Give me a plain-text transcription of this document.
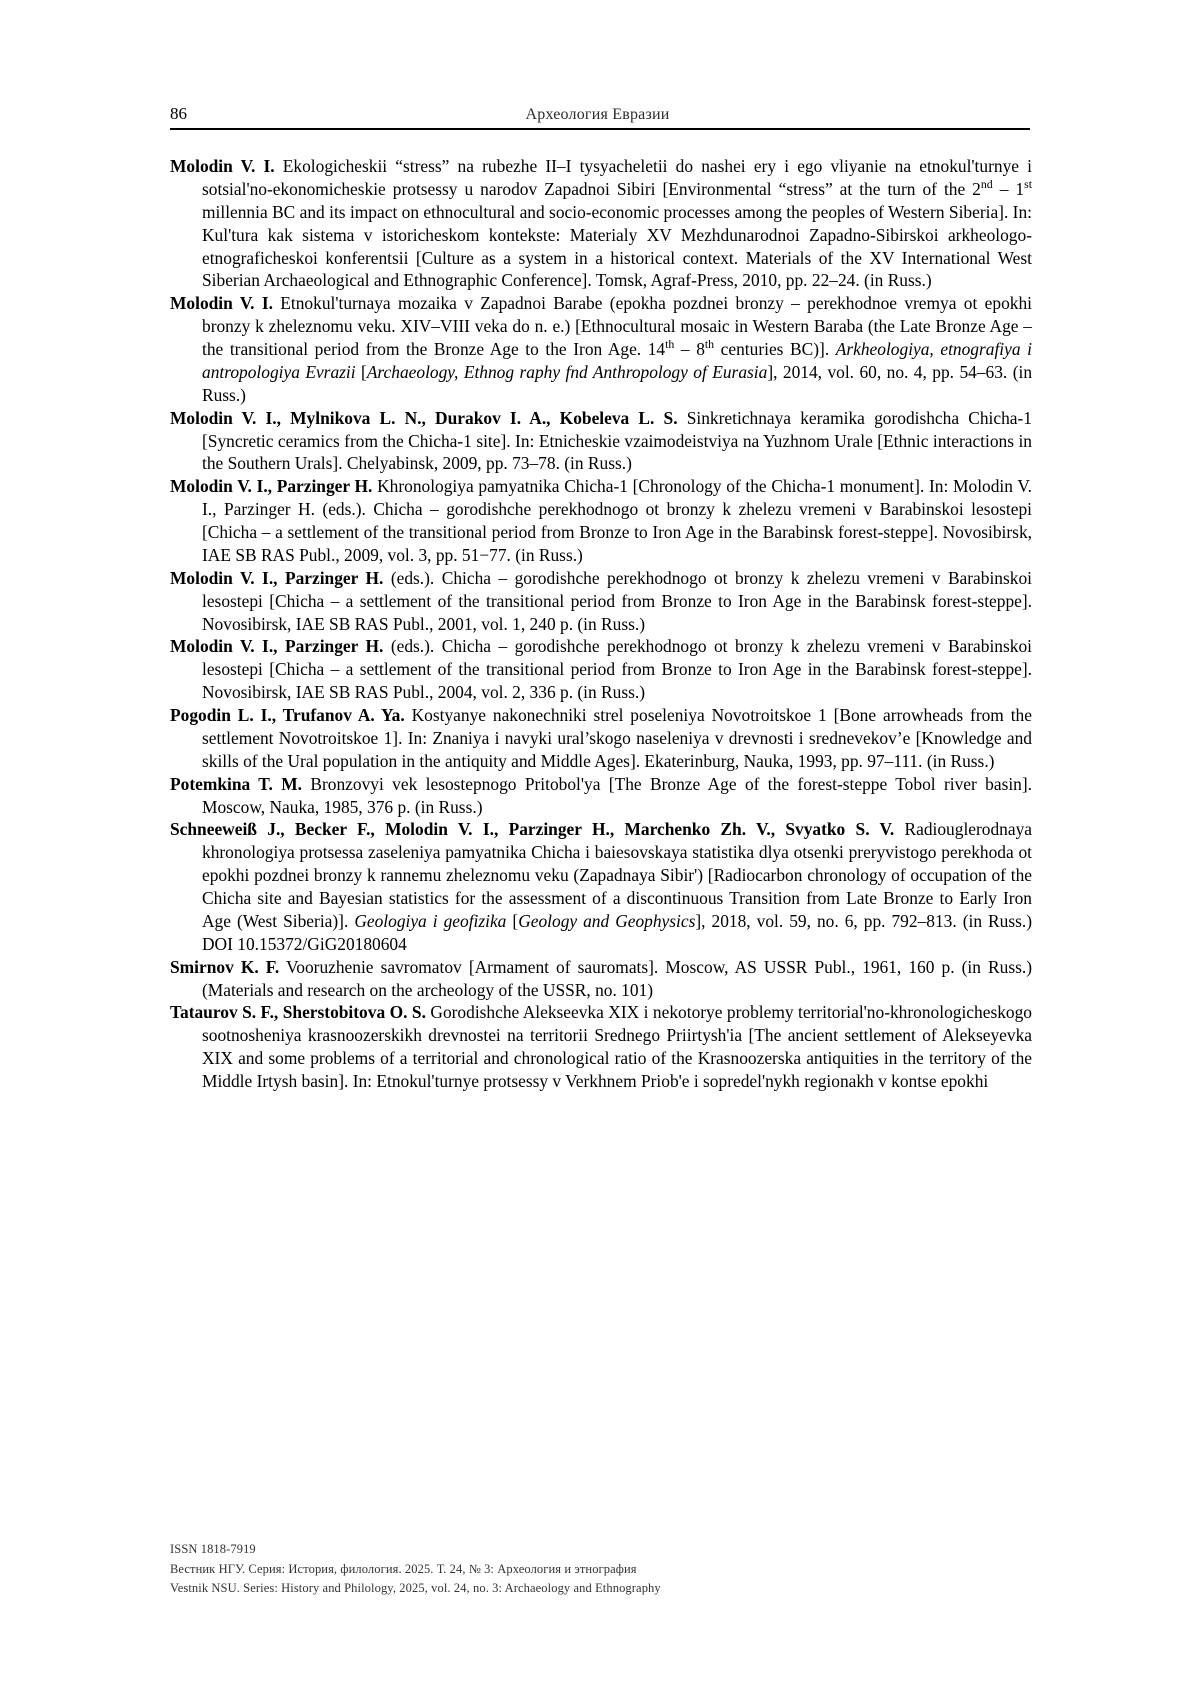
86	Археология Евразии

Molodin V. I. Ekologicheskii “stress” na rubezhe II–I tysyacheletii do nashei ery i ego vliyanie na etnokul'turnye i sotsial'no-ekonomicheskie protsessy u narodov Zapadnoi Sibiri [Environmental “stress” at the turn of the 2nd – 1st millennia BC and its impact on ethnocultural and socio-economic processes among the peoples of Western Siberia]. In: Kul'tura kak sistema v istoricheskom kontekste: Materialy XV Mezhdunarodnoi Zapadno-Sibirskoi arkheologo-etnograficheskoi konferentsii [Culture as a system in a historical context. Materials of the XV International West Siberian Archaeological and Ethnographic Conference]. Tomsk, Agraf-Press, 2010, pp. 22–24. (in Russ.)

Molodin V. I. Etnokul'turnaya mozaika v Zapadnoi Barabe (epokha pozdnei bronzy – perekhodnoe vremya ot epokhi bronzy k zheleznomu veku. XIV–VIII veka do n. e.) [Ethnocultural mosaic in Western Baraba (the Late Bronze Age – the transitional period from the Bronze Age to the Iron Age. 14th – 8th centuries BC)]. Arkheologiya, etnografiya i antropologiya Evrazii [Archaeology, Ethnog raphy fnd Anthropology of Eurasia], 2014, vol. 60, no. 4, pp. 54–63. (in Russ.)

Molodin V. I., Mylnikova L. N., Durakov I. A., Kobeleva L. S. Sinkretichnaya keramika gorodishcha Chicha-1 [Syncretic ceramics from the Chicha-1 site]. In: Etnicheskie vzaimodeistviya na Yuzhnom Urale [Ethnic interactions in the Southern Urals]. Chelyabinsk, 2009, pp. 73–78. (in Russ.)

Molodin V. I., Parzinger H. Khronologiya pamyatnika Chicha-1 [Chronology of the Chicha-1 monument]. In: Molodin V. I., Parzinger H. (eds.). Chicha – gorodishche perekhodnogo ot bronzy k zhelezu vremeni v Barabinskoi lesostepi [Chicha – a settlement of the transitional period from Bronze to Iron Age in the Barabinsk forest-steppe]. Novosibirsk, IAE SB RAS Publ., 2009, vol. 3, pp. 51−77. (in Russ.)

Molodin V. I., Parzinger H. (eds.). Chicha – gorodishche perekhodnogo ot bronzy k zhelezu vremeni v Barabinskoi lesostepi [Chicha – a settlement of the transitional period from Bronze to Iron Age in the Barabinsk forest-steppe]. Novosibirsk, IAE SB RAS Publ., 2001, vol. 1, 240 p. (in Russ.)

Molodin V. I., Parzinger H. (eds.). Chicha – gorodishche perekhodnogo ot bronzy k zhelezu vremeni v Barabinskoi lesostepi [Chicha – a settlement of the transitional period from Bronze to Iron Age in the Barabinsk forest-steppe]. Novosibirsk, IAE SB RAS Publ., 2004, vol. 2, 336 p. (in Russ.)

Pogodin L. I., Trufanov A. Ya. Kostyanye nakonechniki strel poseleniya Novotroitskoe 1 [Bone arrowheads from the settlement Novotroitskoe 1]. In: Znaniya i navyki ural’skogo naseleniya v drevnosti i srednevekov’e [Knowledge and skills of the Ural population in the antiquity and Middle Ages]. Ekaterinburg, Nauka, 1993, pp. 97–111. (in Russ.)

Potemkina T. M. Bronzovyi vek lesostepnogo Pritobol'ya [The Bronze Age of the forest-steppe Tobol river basin]. Moscow, Nauka, 1985, 376 p. (in Russ.)

Schneeweiß J., Becker F., Molodin V. I., Parzinger H., Marchenko Zh. V., Svyatko S. V. Radiouglerodnaya khronologiya protsessa zaseleniya pamyatnika Chicha i baiesovskaya statistika dlya otsenki preryvistogo perekhoda ot epokhi pozdnei bronzy k rannemu zheleznomu veku (Zapadnaya Sibir') [Radiocarbon chronology of occupation of the Chicha site and Bayesian statistics for the assessment of a discontinuous Transition from Late Bronze to Early Iron Age (West Siberia)]. Geologiya i geofizika [Geology and Geophysics], 2018, vol. 59, no. 6, pp. 792–813. (in Russ.) DOI 10.15372/GiG20180604

Smirnov K. F. Vooruzhenie savromatov [Armament of sauromats]. Moscow, AS USSR Publ., 1961, 160 p. (in Russ.) (Materials and research on the archeology of the USSR, no. 101)

Tataurov S. F., Sherstobitova O. S. Gorodishche Alekseevka XIX i nekotorye problemy territorial'no-khronologicheskogo sootnosheniya krasnoozerskikh drevnostei na territorii Srednego Priirtysh'ia [The ancient settlement of Alekseyevka XIX and some problems of a territorial and chronological ratio of the Krasnoozerska antiquities in the territory of the Middle Irtysh basin]. In: Etnokul'turnye protsessy v Verkhnem Priob'e i sopredel'nykh regionakh v kontse epokhi

ISSN 1818-7919
Вестник НГУ. Серия: История, филология. 2025. Т. 24, № 3: Археология и этнография
Vestnik NSU. Series: History and Philology, 2025, vol. 24, no. 3: Archaeology and Ethnography
